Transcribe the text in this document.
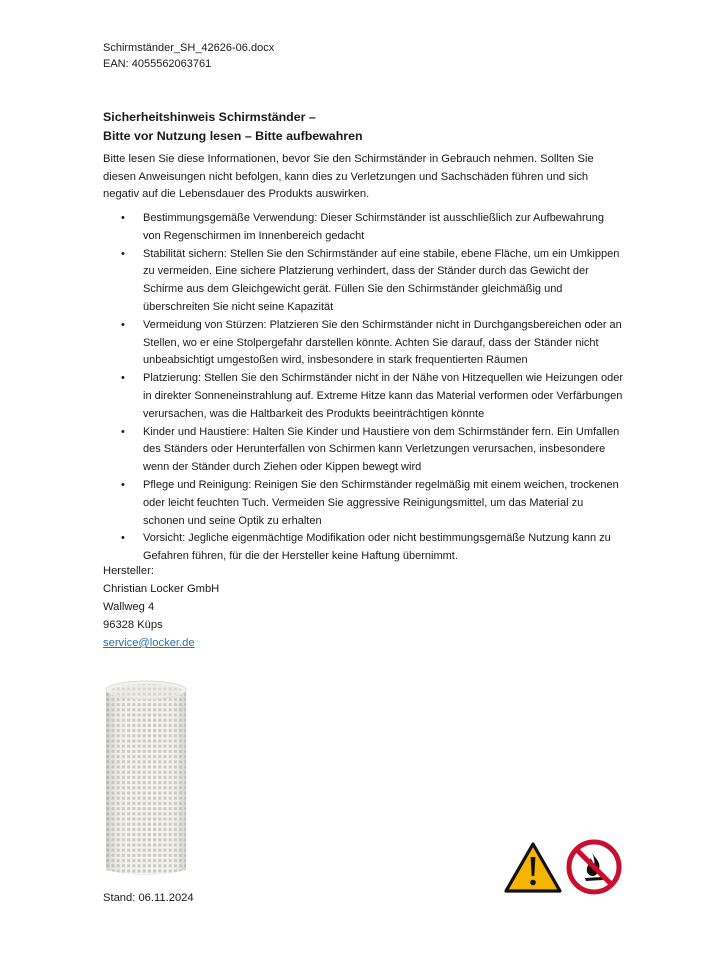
Schirmständer_SH_42626-06.docx
EAN: 4055562063761
Sicherheitshinweis Schirmständer –
Bitte vor Nutzung lesen – Bitte aufbewahren
Bitte lesen Sie diese Informationen, bevor Sie den Schirmständer in Gebrauch nehmen. Sollten Sie diesen Anweisungen nicht befolgen, kann dies zu Verletzungen und Sachschäden führen und sich negativ auf die Lebensdauer des Produkts auswirken.
• Bestimmungsgemäße Verwendung: Dieser Schirmständer ist ausschließlich zur Aufbewahrung von Regenschirmen im Innenbereich gedacht
• Stabilität sichern: Stellen Sie den Schirmständer auf eine stabile, ebene Fläche, um ein Umkippen zu vermeiden. Eine sichere Platzierung verhindert, dass der Ständer durch das Gewicht der Schirme aus dem Gleichgewicht gerät. Füllen Sie den Schirmständer gleichmäßig und überschreiten Sie nicht seine Kapazität
• Vermeidung von Stürzen: Platzieren Sie den Schirmständer nicht in Durchgangsbereichen oder an Stellen, wo er eine Stolpergefahr darstellen könnte. Achten Sie darauf, dass der Ständer nicht unbeabsichtigt umgestoßen wird, insbesondere in stark frequentierten Räumen
• Platzierung: Stellen Sie den Schirmständer nicht in der Nähe von Hitzequellen wie Heizungen oder in direkter Sonneneinstrahlung auf. Extreme Hitze kann das Material verformen oder Verfärbungen verursachen, was die Haltbarkeit des Produkts beeinträchtigen könnte
• Kinder und Haustiere: Halten Sie Kinder und Haustiere von dem Schirmständer fern. Ein Umfallen des Ständers oder Herunterfallen von Schirmen kann Verletzungen verursachen, insbesondere wenn der Ständer durch Ziehen oder Kippen bewegt wird
• Pflege und Reinigung: Reinigen Sie den Schirmständer regelmäßig mit einem weichen, trockenen oder leicht feuchten Tuch. Vermeiden Sie aggressive Reinigungsmittel, um das Material zu schonen und seine Optik zu erhalten
• Vorsicht: Jegliche eigenmächtige Modifikation oder nicht bestimmungsgemäße Nutzung kann zu Gefahren führen, für die der Hersteller keine Haftung übernimmt.
Hersteller:
Christian Locker GmbH
Wallweg 4
96328 Küps
service@locker.de
Stand: 06.11.2024
